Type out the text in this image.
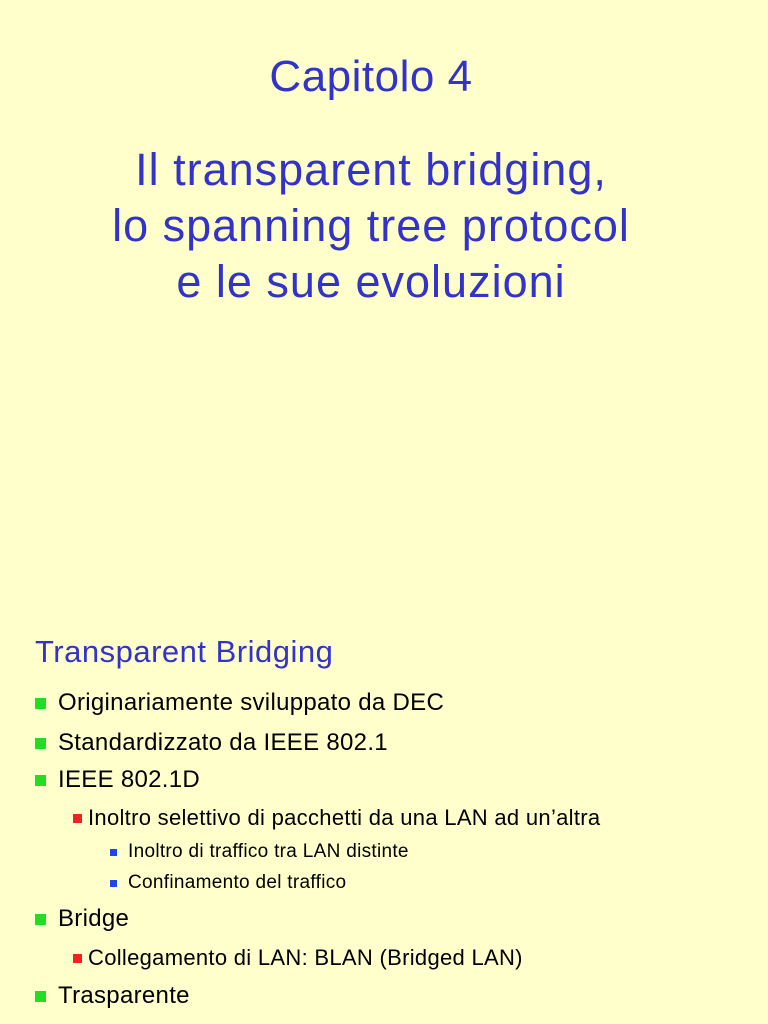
Capitolo 4
Il transparent bridging,
lo spanning tree protocol
e le sue evoluzioni
Transparent Bridging
Originariamente sviluppato da DEC
Standardizzato da IEEE 802.1
IEEE 802.1D
Inoltro selettivo di pacchetti da una LAN ad un’altra
Inoltro di traffico tra LAN distinte
Confinamento del traffico
Bridge
Collegamento di LAN: BLAN (Bridged LAN)
Trasparente
